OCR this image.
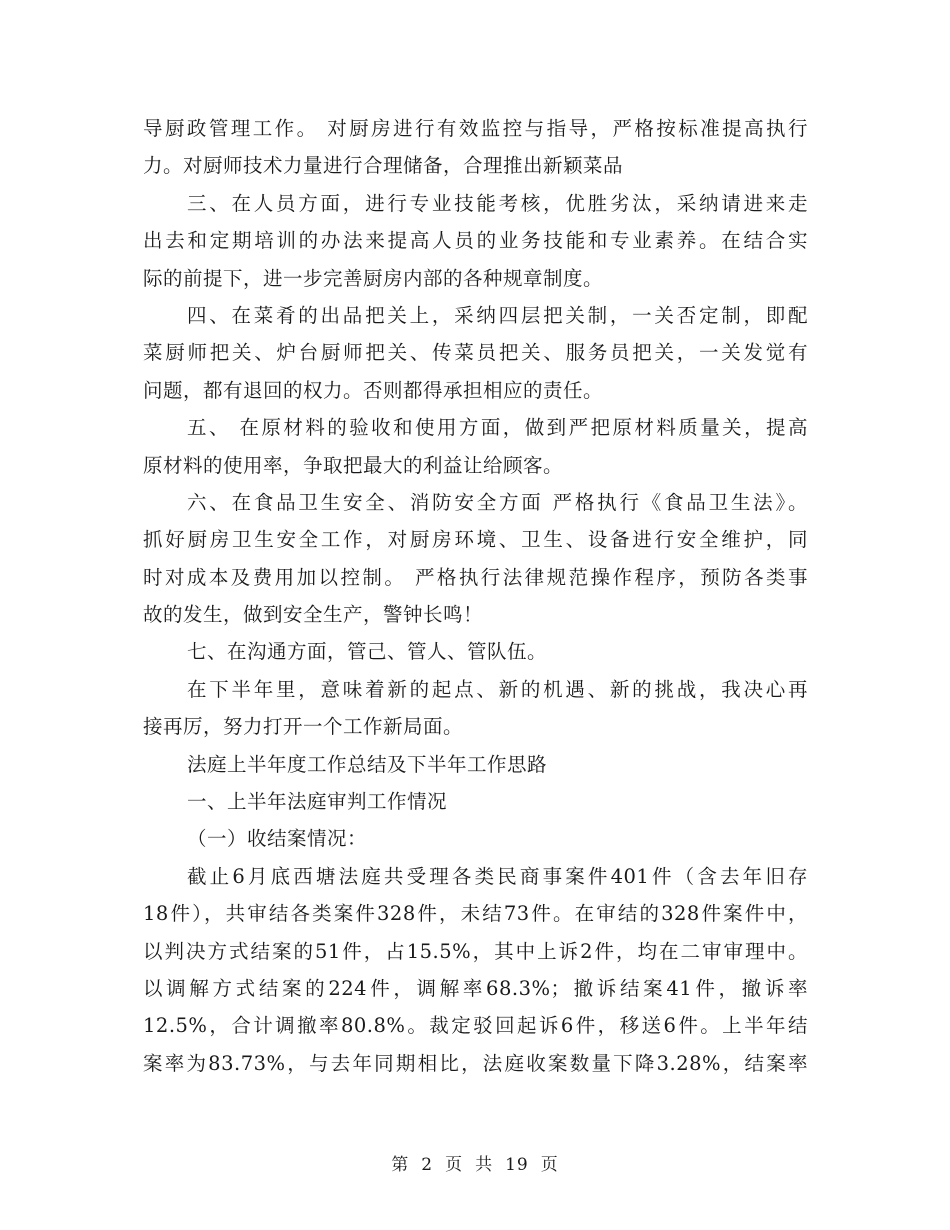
导厨政管理工作。 对厨房进行有效监控与指导，严格按标准提高执行
力。对厨师技术力量进行合理储备，合理推出新颖菜品
三、在人员方面，进行专业技能考核，优胜劣汰，采纳请进来走
出去和定期培训的办法来提高人员的业务技能和专业素养。在结合实
际的前提下，进一步完善厨房内部的各种规章制度。
四、在菜肴的出品把关上，采纳四层把关制，一关否定制，即配
菜厨师把关、炉台厨师把关、传菜员把关、服务员把关，一关发觉有
问题，都有退回的权力。否则都得承担相应的责任。
五、 在原材料的验收和使用方面，做到严把原材料质量关，提高
原材料的使用率，争取把最大的利益让给顾客。
六、在食品卫生安全、消防安全方面 严格执行《食品卫生法》。
抓好厨房卫生安全工作，对厨房环境、卫生、设备进行安全维护，同
时对成本及费用加以控制。 严格执行法律规范操作程序，预防各类事
故的发生，做到安全生产，警钟长鸣！
七、在沟通方面，管己、管人、管队伍。
在下半年里，意味着新的起点、新的机遇、新的挑战，我决心再
接再厉，努力打开一个工作新局面。
法庭上半年度工作总结及下半年工作思路
一、上半年法庭审判工作情况
（一）收结案情况：
截止6月底西塘法庭共受理各类民商事案件401件（含去年旧存
18件），共审结各类案件328件，未结73件。在审结的328件案件中，
以判决方式结案的51件，占15.5%，其中上诉2件，均在二审审理中。
以调解方式结案的224件，调解率68.3%；撤诉结案41件，撤诉率
12.5%，合计调撤率80.8%。裁定驳回起诉6件，移送6件。上半年结
案率为83.73%，与去年同期相比，法庭收案数量下降3.28%，结案率
第 2 页 共 19 页
